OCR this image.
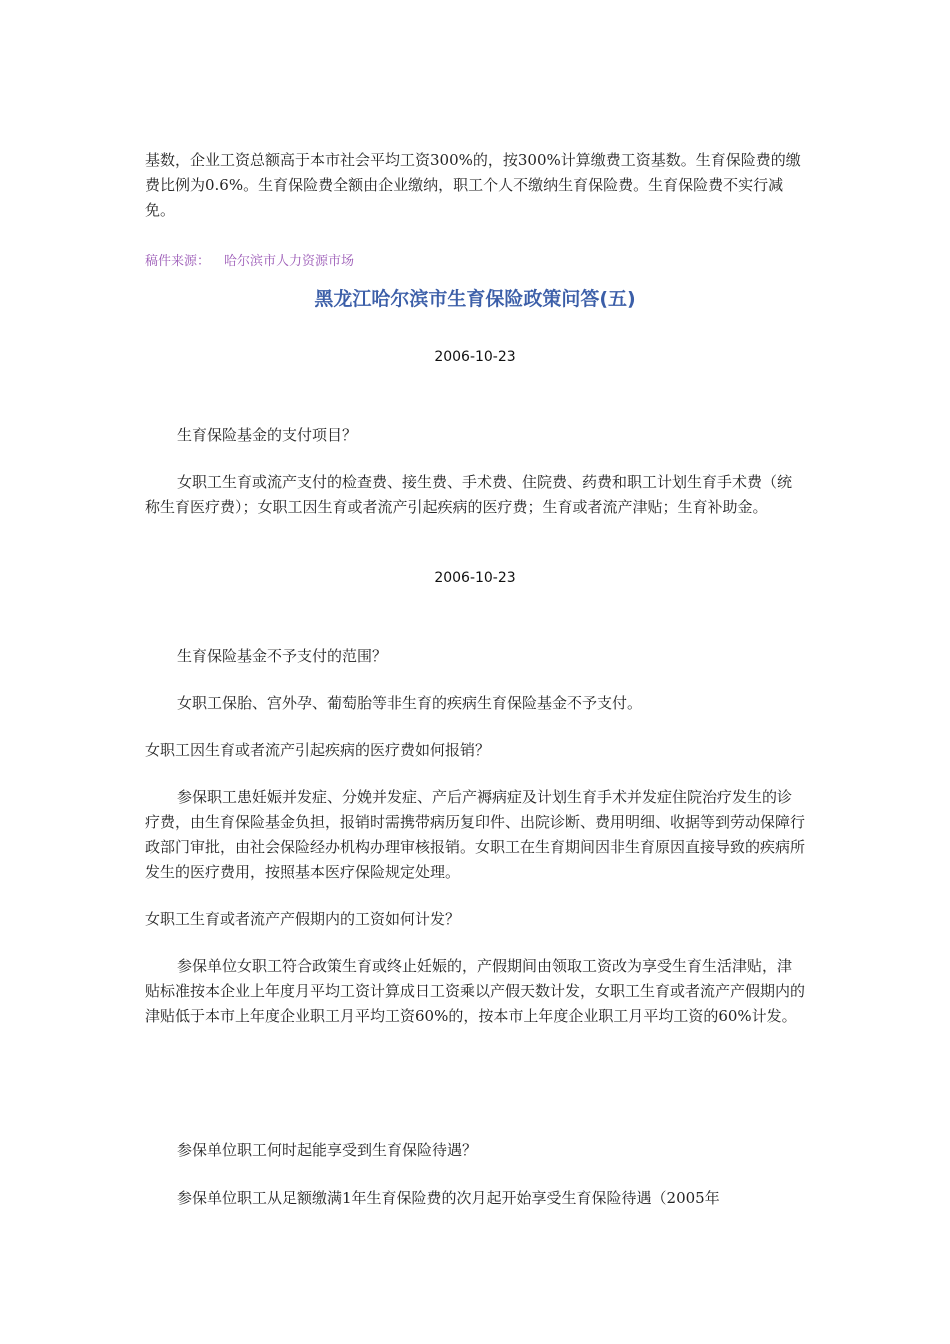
基数，企业工资总额高于本市社会平均工资300%的，按300%计算缴费工资基数。生育保险费的缴费比例为0.6%。生育保险费全额由企业缴纳，职工个人不缴纳生育保险费。生育保险费不实行减免。

稿件来源： 哈尔滨市人力资源市场
黑龙江哈尔滨市生育保险政策问答(五)
2006-10-23

生育保险基金的支付项目？

女职工生育或流产支付的检查费、接生费、手术费、住院费、药费和职工计划生育手术费（统称生育医疗费）；女职工因生育或者流产引起疾病的医疗费；生育或者流产津贴；生育补助金。

2006-10-23

生育保险基金不予支付的范围？

女职工保胎、宫外孕、葡萄胎等非生育的疾病生育保险基金不予支付。

女职工因生育或者流产引起疾病的医疗费如何报销？

参保职工患妊娠并发症、分娩并发症、产后产褥病症及计划生育手术并发症住院治疗发生的诊疗费，由生育保险基金负担，报销时需携带病历复印件、出院诊断、费用明细、收据等到劳动保障行政部门审批，由社会保险经办机构办理审核报销。女职工在生育期间因非生育原因直接导致的疾病所发生的医疗费用，按照基本医疗保险规定处理。

女职工生育或者流产产假期内的工资如何计发？

参保单位女职工符合政策生育或终止妊娠的，产假期间由领取工资改为享受生育生活津贴，津贴标准按本企业上年度月平均工资计算成日工资乘以产假天数计发，女职工生育或者流产产假期内的津贴低于本市上年度企业职工月平均工资60%的，按本市上年度企业职工月平均工资的60%计发。

参保单位职工何时起能享受到生育保险待遇？

参保单位职工从足额缴满1年生育保险费的次月起开始享受生育保险待遇（2005年
